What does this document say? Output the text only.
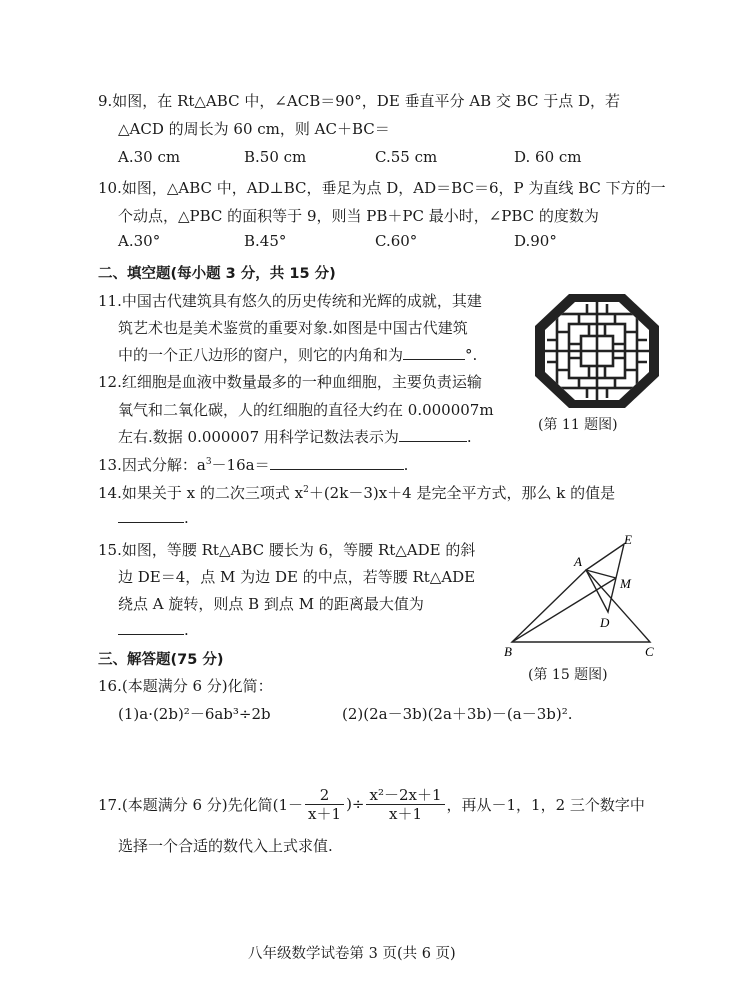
9.如图，在 Rt△ABC 中，∠ACB＝90°，DE 垂直平分 AB 交 BC 于点 D，若
△ACD 的周长为 60 cm，则 AC＋BC＝
A.30 cm	B.50 cm	C.55 cm	D. 60 cm
10.如图，△ABC 中，AD⊥BC，垂足为点 D，AD＝BC＝6，P 为直线 BC 下方的一
个动点，△PBC 的面积等于 9，则当 PB＋PC 最小时，∠PBC 的度数为
A.30°	B.45°	C.60°	D.90°
二、填空题(每小题 3 分，共 15 分)
11.中国古代建筑具有悠久的历史传统和光辉的成就，其建
筑艺术也是美术鉴赏的重要对象.如图是中国古代建筑
中的一个正八边形的窗户，则它的内角和为	°.
(第 11 题图)
12.红细胞是血液中数量最多的一种血细胞，主要负责运输
氧气和二氧化碳，人的红细胞的直径大约在 0.000007m
左右.数据 0.000007 用科学记数法表示为	.
13.因式分解：$a^3-16a=$	.
14.如果关于 x 的二次三项式 $x^2+(2k-3)x+4$ 是完全平方式，那么 k 的值是
.
15.如图，等腰 Rt△ABC 腰长为 6，等腰 Rt△ADE 的斜
边 DE＝4，点 M 为边 DE 的中点，若等腰 Rt△ADE
绕点 A 旋转，则点 B 到点 M 的距离最大值为
.
B
A
C
D
E
M
(第 15 题图)
三、解答题(75 分)
16.(本题满分 6 分)化简：
(1)a·(2b)²－6ab³÷2b	(2)(2a－3b)(2a＋3b)－(a－3b)².
17.(本题满分 6 分)先化简($1- \frac{2}{x+1}$ )÷ $\frac{\text{x²－2x＋1}}{x+1}$ ，再从－1，1，2 三个数字中
选择一个合适的数代入上式求值.
八年级数学试卷第 3 页(共 6 页)
